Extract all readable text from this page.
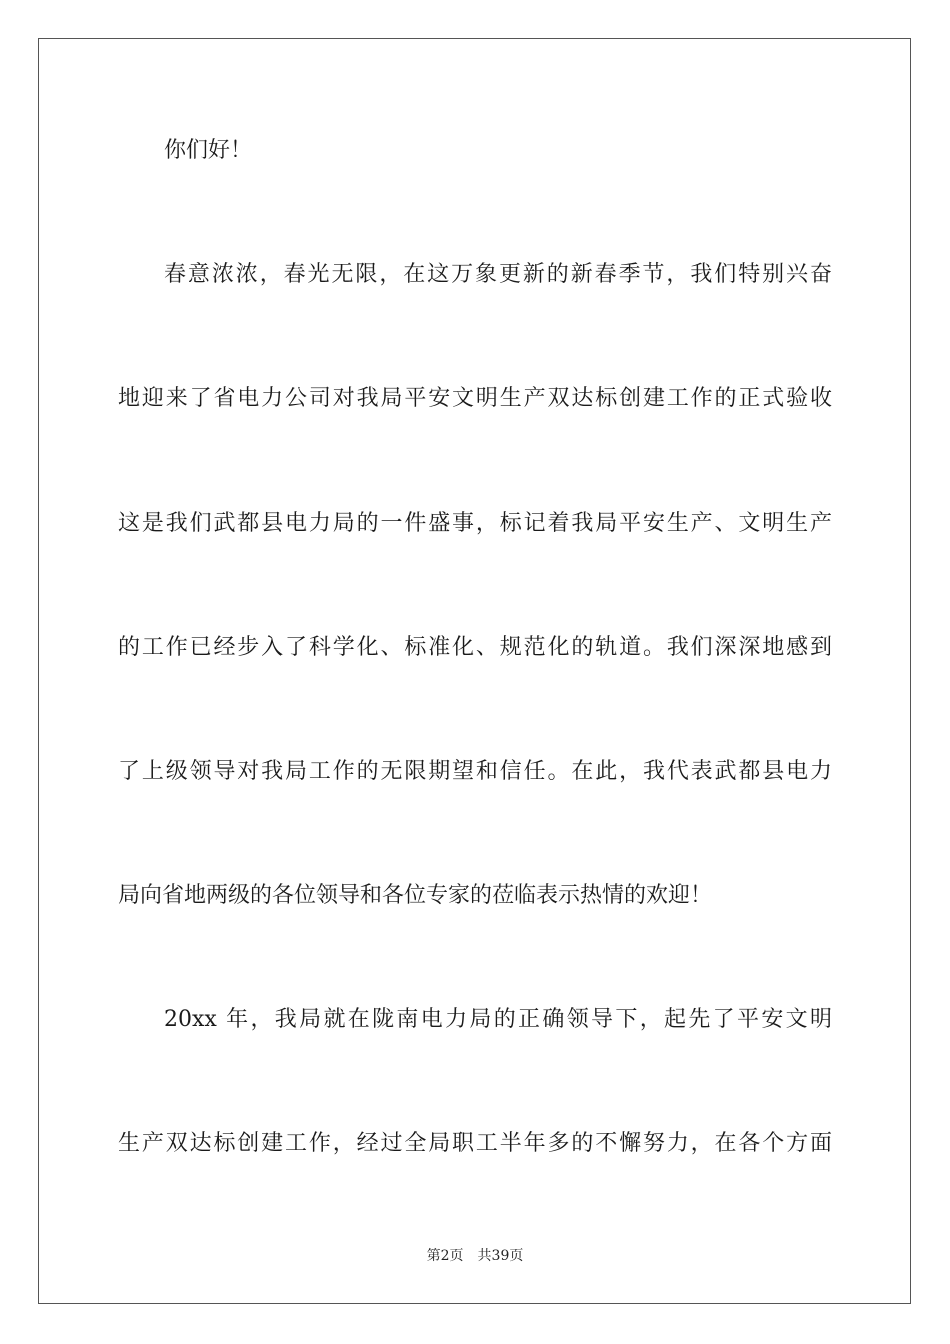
你们好！
春意浓浓，春光无限，在这万象更新的新春季节，我们特别兴奋
地迎来了省电力公司对我局平安文明生产双达标创建工作的正式验收
这是我们武都县电力局的一件盛事，标记着我局平安生产、文明生产
的工作已经步入了科学化、标准化、规范化的轨道。我们深深地感到
了上级领导对我局工作的无限期望和信任。在此，我代表武都县电力
局向省地两级的各位领导和各位专家的莅临表示热情的欢迎！
20xx 年，我局就在陇南电力局的正确领导下，起先了平安文明
生产双达标创建工作，经过全局职工半年多的不懈努力，在各个方面
第2页 共39页
